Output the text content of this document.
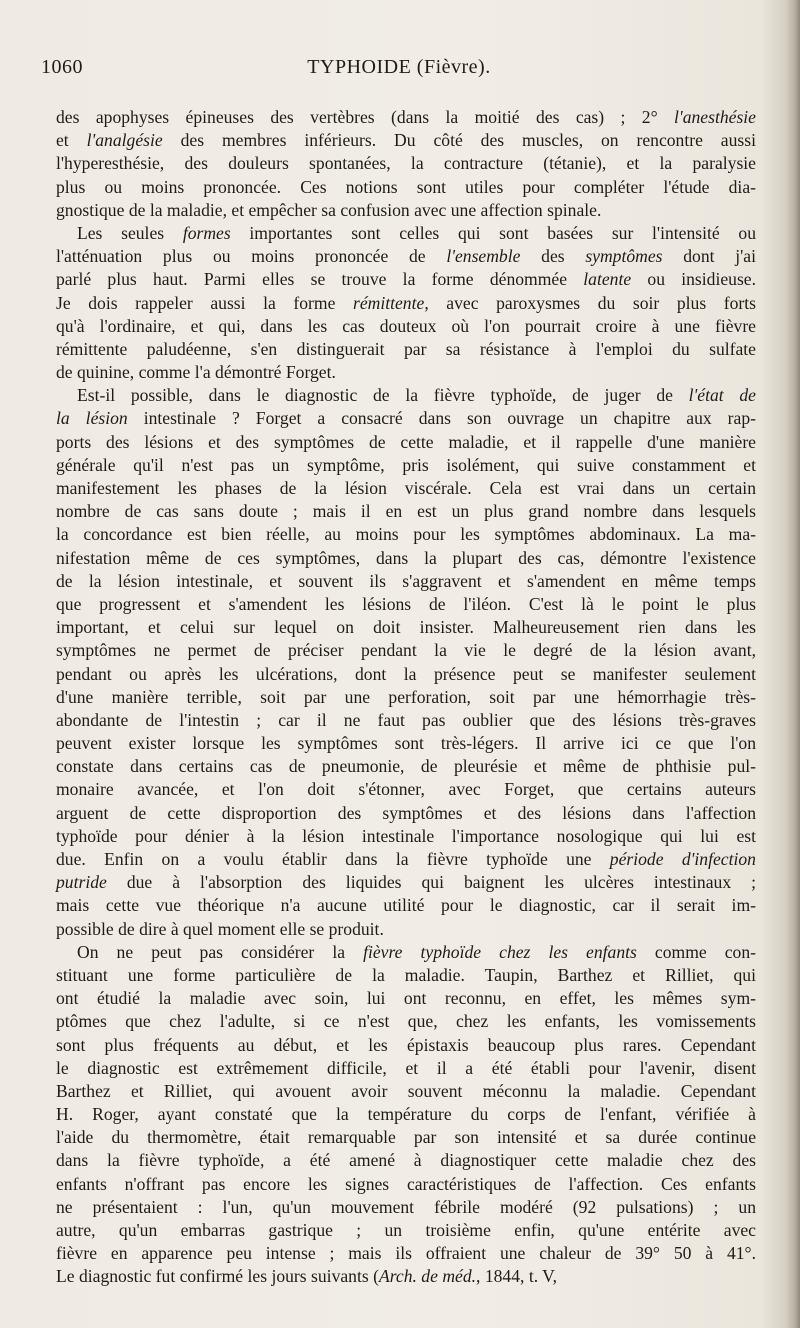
1060	TYPHOIDE (Fièvre).
des apophyses épineuses des vertèbres (dans la moitié des cas) ; 2° l'anesthésie
et l'analgésie des membres inférieurs. Du côté des muscles, on rencontre aussi
l'hyperesthésie, des douleurs spontanées, la contracture (tétanie), et la paralysie
plus ou moins prononcée. Ces notions sont utiles pour compléter l'étude dia-
gnostique de la maladie, et empêcher sa confusion avec une affection spinale.
Les seules formes importantes sont celles qui sont basées sur l'intensité ou
l'atténuation plus ou moins prononcée de l'ensemble des symptômes dont j'ai
parlé plus haut. Parmi elles se trouve la forme dénommée latente ou insidieuse.
Je dois rappeler aussi la forme rémittente, avec paroxysmes du soir plus forts
qu'à l'ordinaire, et qui, dans les cas douteux où l'on pourrait croire à une fièvre
rémittente paludéenne, s'en distinguerait par sa résistance à l'emploi du sulfate
de quinine, comme l'a démontré Forget.
Est-il possible, dans le diagnostic de la fièvre typhoïde, de juger de l'état de
la lésion intestinale ? Forget a consacré dans son ouvrage un chapitre aux rap-
ports des lésions et des symptômes de cette maladie, et il rappelle d'une manière
générale qu'il n'est pas un symptôme, pris isolément, qui suive constamment et
manifestement les phases de la lésion viscérale. Cela est vrai dans un certain
nombre de cas sans doute ; mais il en est un plus grand nombre dans lesquels
la concordance est bien réelle, au moins pour les symptômes abdominaux. La ma-
nifestation même de ces symptômes, dans la plupart des cas, démontre l'existence
de la lésion intestinale, et souvent ils s'aggravent et s'amendent en même temps
que progressent et s'amendent les lésions de l'iléon. C'est là le point le plus
important, et celui sur lequel on doit insister. Malheureusement rien dans les
symptômes ne permet de préciser pendant la vie le degré de la lésion avant,
pendant ou après les ulcérations, dont la présence peut se manifester seulement
d'une manière terrible, soit par une perforation, soit par une hémorrhagie très-
abondante de l'intestin ; car il ne faut pas oublier que des lésions très-graves
peuvent exister lorsque les symptômes sont très-légers. Il arrive ici ce que l'on
constate dans certains cas de pneumonie, de pleurésie et même de phthisie pul-
monaire avancée, et l'on doit s'étonner, avec Forget, que certains auteurs
arguent de cette disproportion des symptômes et des lésions dans l'affection
typhoïde pour dénier à la lésion intestinale l'importance nosologique qui lui est
due. Enfin on a voulu établir dans la fièvre typhoïde une période d'infection
putride due à l'absorption des liquides qui baignent les ulcères intestinaux ;
mais cette vue théorique n'a aucune utilité pour le diagnostic, car il serait im-
possible de dire à quel moment elle se produit.
On ne peut pas considérer la fièvre typhoïde chez les enfants comme con-
stituant une forme particulière de la maladie. Taupin, Barthez et Rilliet, qui
ont étudié la maladie avec soin, lui ont reconnu, en effet, les mêmes sym-
ptômes que chez l'adulte, si ce n'est que, chez les enfants, les vomissements
sont plus fréquents au début, et les épistaxis beaucoup plus rares. Cependant
le diagnostic est extrêmement difficile, et il a été établi pour l'avenir, disent
Barthez et Rilliet, qui avouent avoir souvent méconnu la maladie. Cependant
H. Roger, ayant constaté que la température du corps de l'enfant, vérifiée à
l'aide du thermomètre, était remarquable par son intensité et sa durée continue
dans la fièvre typhoïde, a été amené à diagnostiquer cette maladie chez des
enfants n'offrant pas encore les signes caractéristiques de l'affection. Ces enfants
ne présentaient : l'un, qu'un mouvement fébrile modéré (92 pulsations) ; un
autre, qu'un embarras gastrique ; un troisième enfin, qu'une entérite avec
fièvre en apparence peu intense ; mais ils offraient une chaleur de 39° 50 à 41°.
Le diagnostic fut confirmé les jours suivants (Arch. de méd., 1844, t. V,
